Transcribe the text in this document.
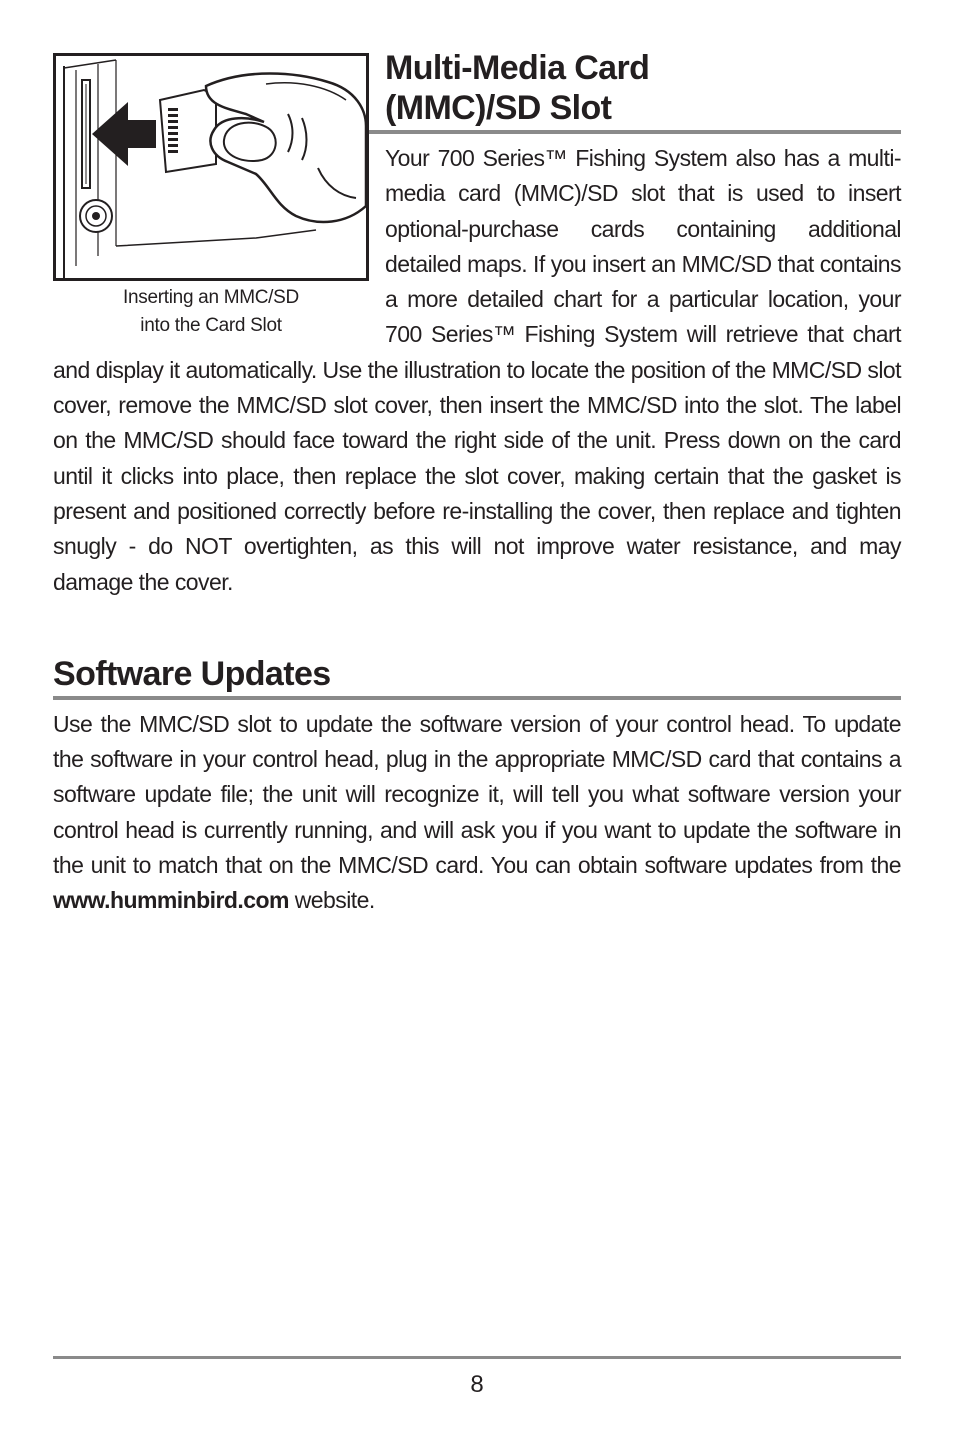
Inserting an MMC/SD
into the Card Slot
Multi-Media Card
(MMC)/SD Slot

Your 700 Series™ Fishing System also has a multi-media card (MMC)/SD slot that is used to insert optional-purchase cards containing additional detailed maps. If you insert an MMC/SD that contains a more detailed chart for a particular location, your 700 Series™ Fishing System will retrieve that chart and display it automatically. Use the illustration to locate the position of the MMC/SD slot cover, remove the MMC/SD slot cover, then insert the MMC/SD into the slot. The label on the MMC/SD should face toward the right side of the unit. Press down on the card until it clicks into place, then replace the slot cover, making certain that the gasket is present and positioned correctly before re-installing the cover, then replace and tighten snugly - do NOT overtighten, as this will not improve water resistance, and may damage the cover.

Software Updates

Use the MMC/SD slot to update the software version of your control head. To update the software in your control head, plug in the appropriate MMC/SD card that contains a software update file; the unit will recognize it, will tell you what software version your control head is currently running, and will ask you if you want to update the software in the unit to match that on the MMC/SD card. You can obtain software updates from the www.humminbird.com website.

8
